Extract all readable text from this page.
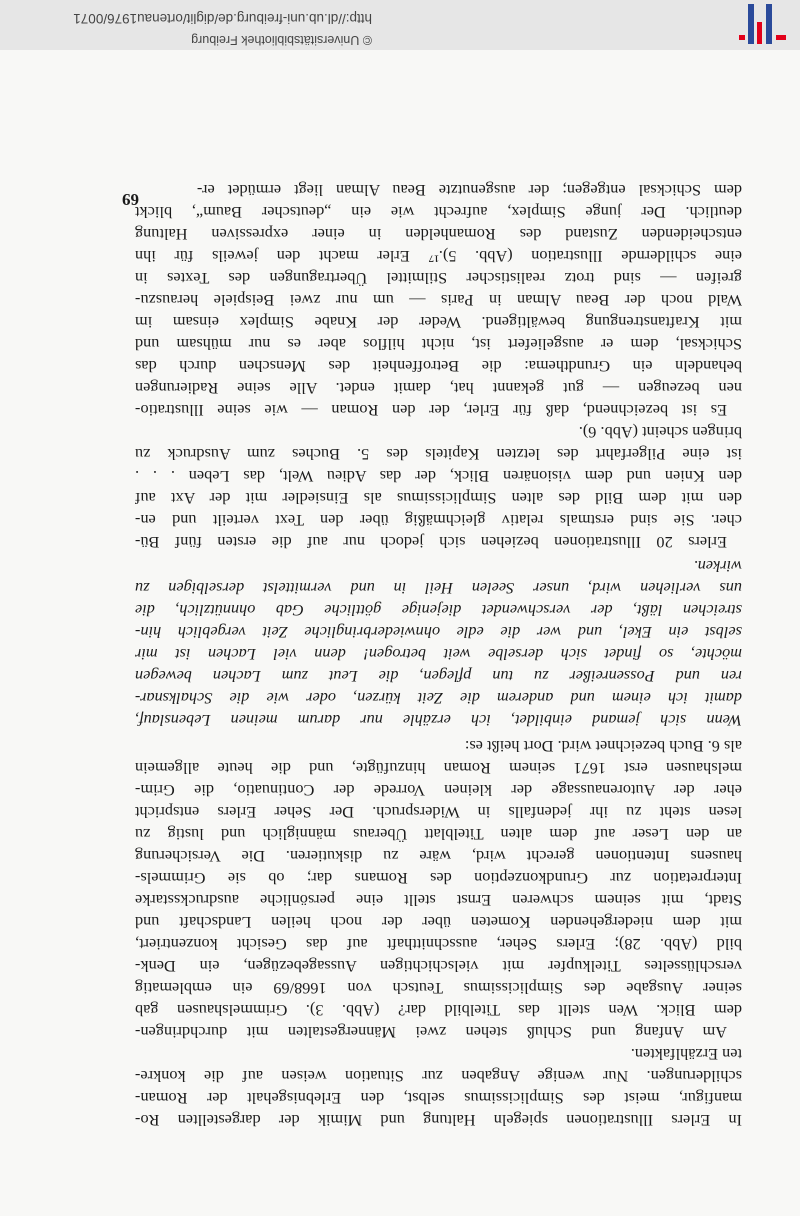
In Erlers Illustrationen spiegeln Haltung und Mimik der dargestellten Ro-
manfigur, meist des Simplicissimus selbst, den Erlebnisgehalt der Roman-
schilderungen. Nur wenige Angaben zur Situation weisen auf die konkre-
ten Erzählfakten.
Am Anfang und Schluß stehen zwei Männergestalten mit durchdringen-
dem Blick. Wen stellt das Titelbild dar? (Abb. 3). Grimmelshausen gab
seiner Ausgabe des Simplicissimus Teutsch von 1668/69 ein emblematig
verschlüsseltes Titelkupfer mit vielschichtigen Aussagebezügen, ein Denk-
bild (Abb. 28); Erlers Seher, ausschnitthaft auf das Gesicht konzentriert,
mit dem niedergehenden Kometen über der noch heilen Landschaft und
Stadt, mit seinem schweren Ernst stellt eine persönliche ausdrucksstarke
Interpretation zur Grundkonzeption des Romans dar; ob sie Grimmels-
hausens Intentionen gerecht wird, wäre zu diskutieren. Die Versicherung
an den Leser auf dem alten Titelblatt Überaus männiglich und lustig zu
lesen steht zu ihr jedenfalls in Widerspruch. Der Seher Erlers entspricht
eher der Autorenaussage der kleinen Vorrede der Continuatio, die Grim-
melshausen erst 1671 seinem Roman hinzufügte, und die heute allgemein
als 6. Buch bezeichnet wird. Dort heißt es:
Wenn sich jemand einbildet, ich erzähle nur darum meinen Lebenslauf,
damit ich einem und anderem die Zeit kürzen, oder wie die Schalksnar-
ren und Possenreißer zu tun pflegen, die Leut zum Lachen bewegen
möchte, so findet sich derselbe weit betrogen! denn viel Lachen ist mir
selbst ein Ekel, und wer die edle ohnwiederbringliche Zeit vergeblich hin-
streichen läßt, der verschwendet diejenige göttliche Gab ohnnützlich, die
uns verliehen wird, unser Seelen Heil in und vermittelst derselbigen zu
wirken.
Erlers 20 Illustrationen beziehen sich jedoch nur auf die ersten fünf Bü-
cher. Sie sind erstmals relativ gleichmäßig über den Text verteilt und en-
den mit dem Bild des alten Simplicissimus als Einsiedler mit der Axt auf
den Knien und dem visionären Blick, der das Adieu Welt, das Leben . . .
ist eine Pilgerfahrt des letzten Kapitels des 5. Buches zum Ausdruck zu
bringen scheint (Abb. 6).
Es ist bezeichnend, daß für Erler, der den Roman — wie seine Illustratio-
nen bezeugen — gut gekannt hat, damit endet. Alle seine Radierungen
behandeln ein Grundthema: die Betroffenheit des Menschen durch das
Schicksal, dem er ausgeliefert ist, nicht hilflos aber es nur mühsam und
mit Kraftanstrengung bewältigend. Weder der Knabe Simplex einsam im
Wald noch der Beau Alman in Paris — um nur zwei Beispiele herauszu-
greifen — sind trotz realistischer Stilmittel Übertragungen des Textes in
eine schildernde Illustration (Abb. 5).¹⁷ Erler macht den jeweils für ihn
entscheidenden Zustand des Romanhelden in einer expressiven Haltung
deutlich. Der junge Simplex, aufrecht wie ein „deutscher Baum“, blickt
dem Schicksal entgegen; der ausgenutzte Beau Alman liegt ermüdet er-
69
© Universitätsbibliothek Freiburg
http://dl.ub.uni-freiburg.de/diglit/ortenau1976/0071
